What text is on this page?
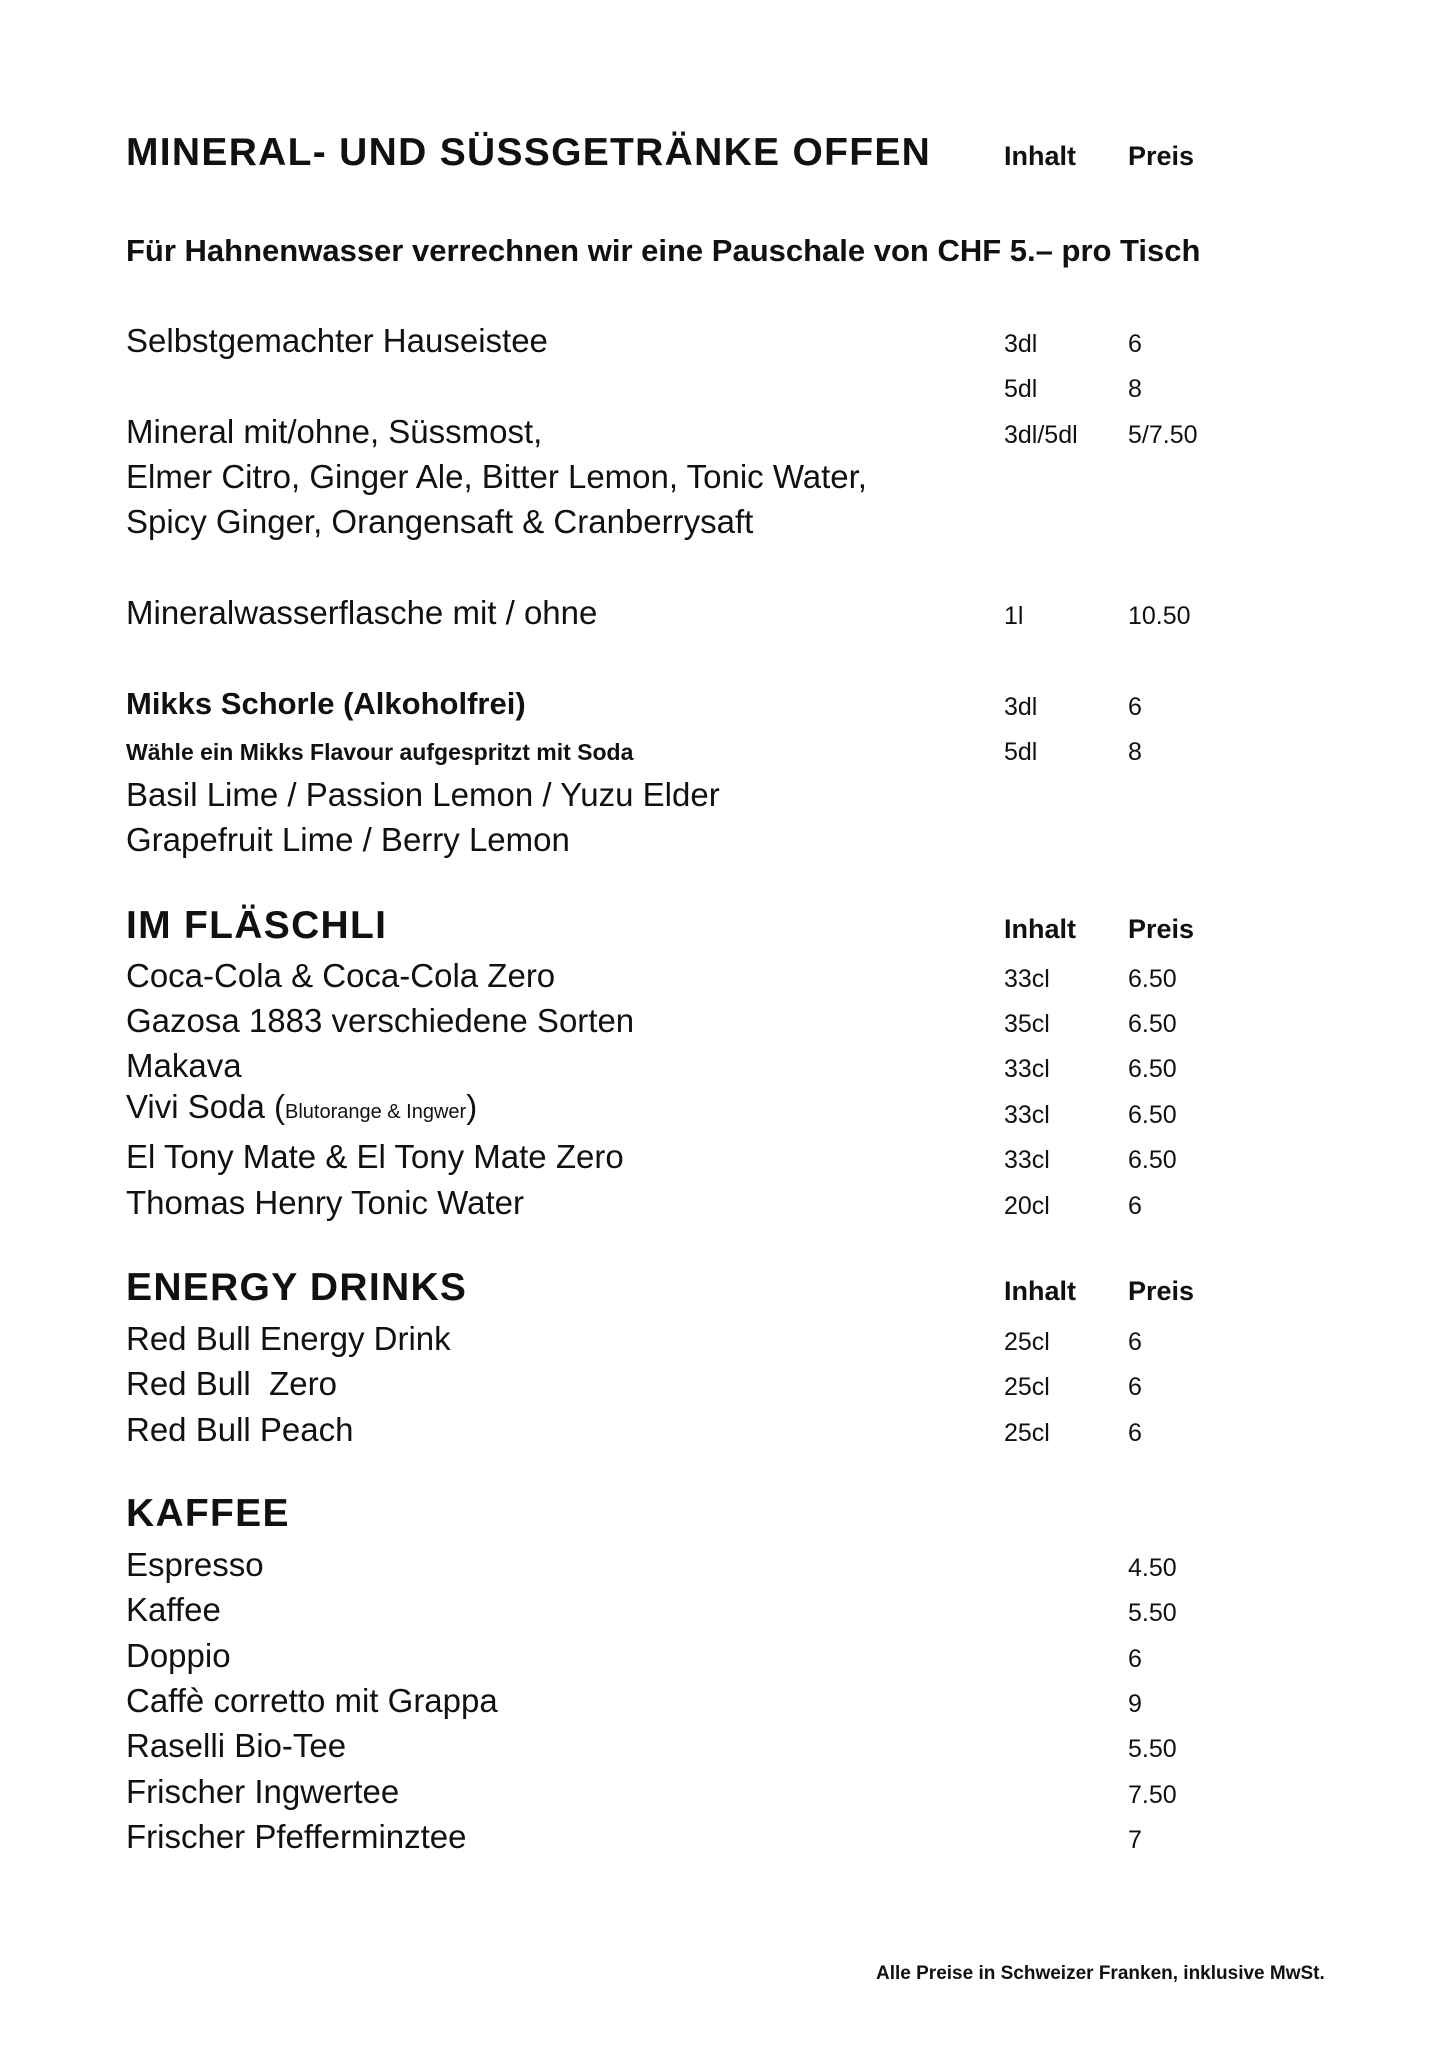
MINERAL- UND SÜSSGETRÄNKE OFFEN	Inhalt Preis
Für Hahnenwasser verrechnen wir eine Pauschale von CHF 5.– pro Tisch
Selbstgemachter Hauseistee	3dl	6
5dl	8
Mineral mit/ohne, Süssmost,	3dl/5dl 5/7.50
Elmer Citro, Ginger Ale, Bitter Lemon, Tonic Water,
Spicy Ginger, Orangensaft & Cranberrysaft
Mineralwasserflasche mit / ohne	1l	10.50
Mikks Schorle (Alkoholfrei)	3dl	6
Wähle ein Mikks Flavour aufgespritzt mit Soda	5dl	8
Basil Lime / Passion Lemon / Yuzu Elder
Grapefruit Lime / Berry Lemon
IM FLÄSCHLI	Inhalt Preis
Coca-Cola & Coca-Cola Zero	33cl	6.50
Gazosa 1883 verschiedene Sorten	35cl	6.50
Makava	33cl	6.50
Vivi Soda (Blutorange & Ingwer)	33cl	6.50
El Tony Mate & El Tony Mate Zero	33cl	6.50
Thomas Henry Tonic Water	20cl	6
ENERGY DRINKS	Inhalt Preis
Red Bull Energy Drink	25cl	6
Red Bull  Zero	25cl	6
Red Bull Peach	25cl	6
KAFFEE
Espresso	4.50
Kaffee	5.50
Doppio	6
Caffè corretto mit Grappa	9
Raselli Bio-Tee	5.50
Frischer Ingwertee	7.50
Frischer Pfefferminztee	7
Alle Preise in Schweizer Franken, inklusive MwSt.
